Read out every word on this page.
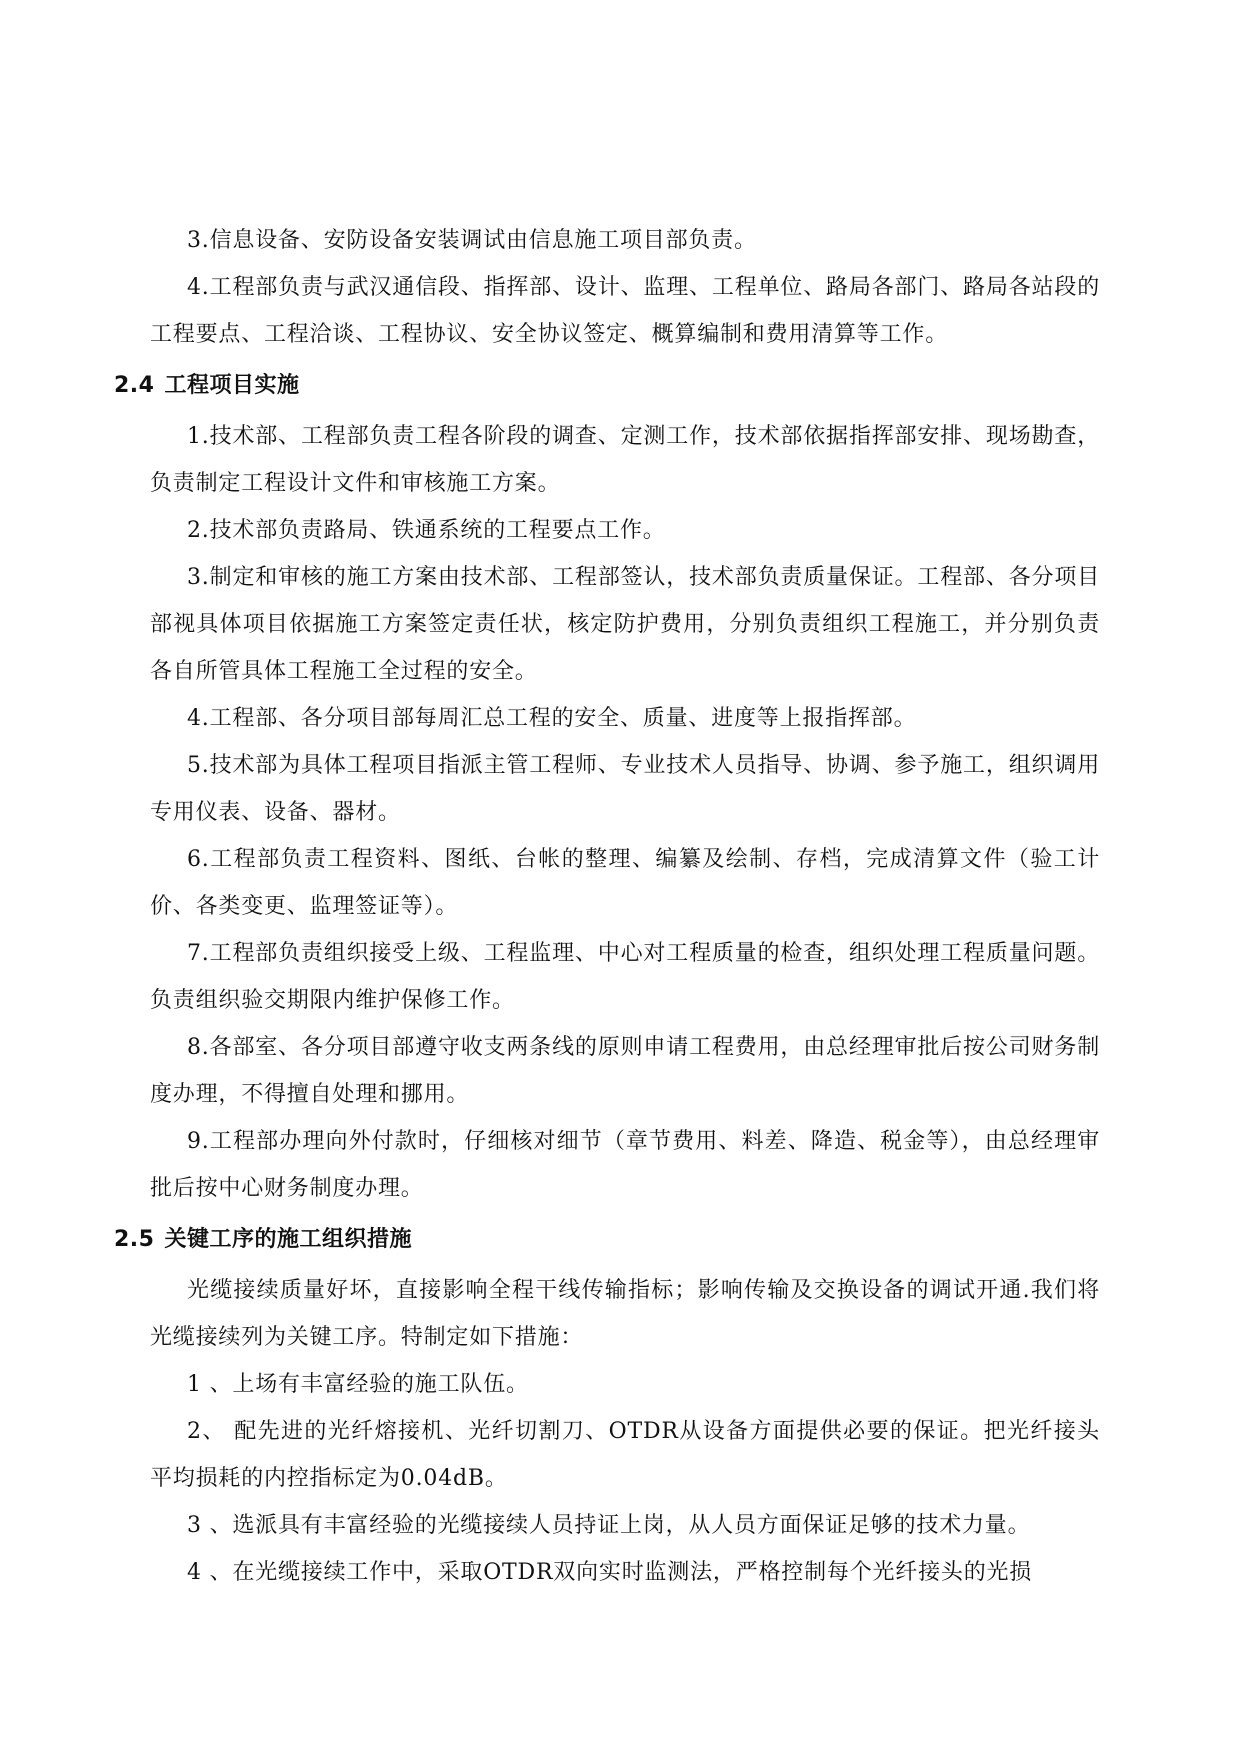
3.信息设备、安防设备安装调试由信息施工项目部负责。

4.工程部负责与武汉通信段、指挥部、设计、监理、工程单位、路局各部门、路局各站段的工程要点、工程洽谈、工程协议、安全协议签定、概算编制和费用清算等工作。

2.4 工程项目实施

1.技术部、工程部负责工程各阶段的调查、定测工作，技术部依据指挥部安排、现场勘查，负责制定工程设计文件和审核施工方案。

2.技术部负责路局、铁通系统的工程要点工作。

3.制定和审核的施工方案由技术部、工程部签认，技术部负责质量保证。工程部、各分项目部视具体项目依据施工方案签定责任状，核定防护费用，分别负责组织工程施工，并分别负责各自所管具体工程施工全过程的安全。

4.工程部、各分项目部每周汇总工程的安全、质量、进度等上报指挥部。

5.技术部为具体工程项目指派主管工程师、专业技术人员指导、协调、参予施工，组织调用专用仪表、设备、器材。

6.工程部负责工程资料、图纸、台帐的整理、编纂及绘制、存档，完成清算文件（验工计价、各类变更、监理签证等）。

7.工程部负责组织接受上级、工程监理、中心对工程质量的检查，组织处理工程质量问题。负责组织验交期限内维护保修工作。

8.各部室、各分项目部遵守收支两条线的原则申请工程费用，由总经理审批后按公司财务制度办理，不得擅自处理和挪用。

9.工程部办理向外付款时，仔细核对细节（章节费用、料差、降造、税金等），由总经理审批后按中心财务制度办理。

2.5 关键工序的施工组织措施

光缆接续质量好坏，直接影响全程干线传输指标；影响传输及交换设备的调试开通.我们将光缆接续列为关键工序。特制定如下措施：

1 、上场有丰富经验的施工队伍。

2、 配先进的光纤熔接机、光纤切割刀、OTDR从设备方面提供必要的保证。把光纤接头平均损耗的内控指标定为0.04dB。

3 、选派具有丰富经验的光缆接续人员持证上岗，从人员方面保证足够的技术力量。

4 、在光缆接续工作中，采取OTDR双向实时监测法，严格控制每个光纤接头的光损
